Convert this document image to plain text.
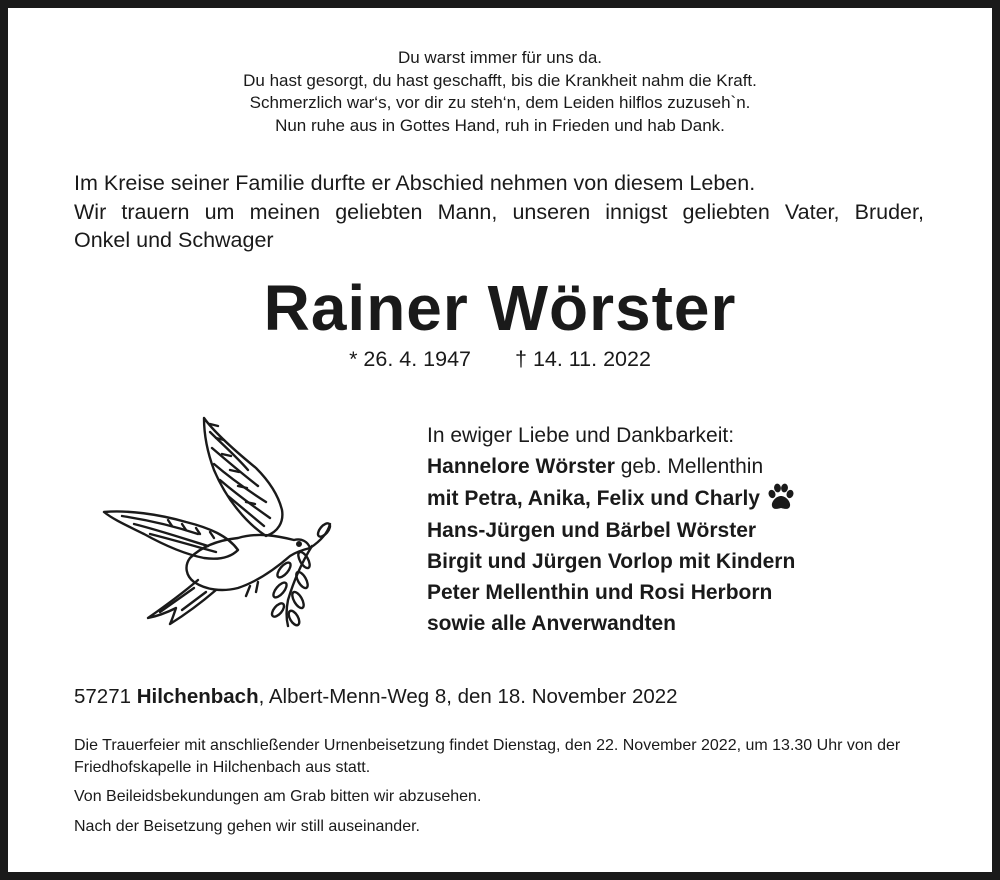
Du warst immer für uns da.
Du hast gesorgt, du hast geschafft, bis die Krankheit nahm die Kraft.
Schmerzlich war‘s, vor dir zu steh‘n, dem Leiden hilflos zuzuseh`n.
Nun ruhe aus in Gottes Hand, ruh in Frieden und hab Dank.
Im Kreise seiner Familie durfte er Abschied nehmen von diesem Leben.
Wir trauern um meinen geliebten Mann, unseren innigst geliebten Vater, Bruder,
Onkel und Schwager
Rainer Wörster
* 26. 4. 1947 † 14. 11. 2022
In ewiger Liebe und Dankbarkeit:
Hannelore Wörster geb. Mellenthin
mit Petra, Anika, Felix und Charly
Hans-Jürgen und Bärbel Wörster
Birgit und Jürgen Vorlop mit Kindern
Peter Mellenthin und Rosi Herborn
sowie alle Anverwandten
57271 Hilchenbach, Albert-Menn-Weg 8, den 18. November 2022

Die Trauerfeier mit anschließender Urnenbeisetzung findet Dienstag, den 22. November 2022, um 13.30 Uhr von der Friedhofskapelle in Hilchenbach aus statt.

Von Beileidsbekundungen am Grab bitten wir abzusehen.

Nach der Beisetzung gehen wir still auseinander.
